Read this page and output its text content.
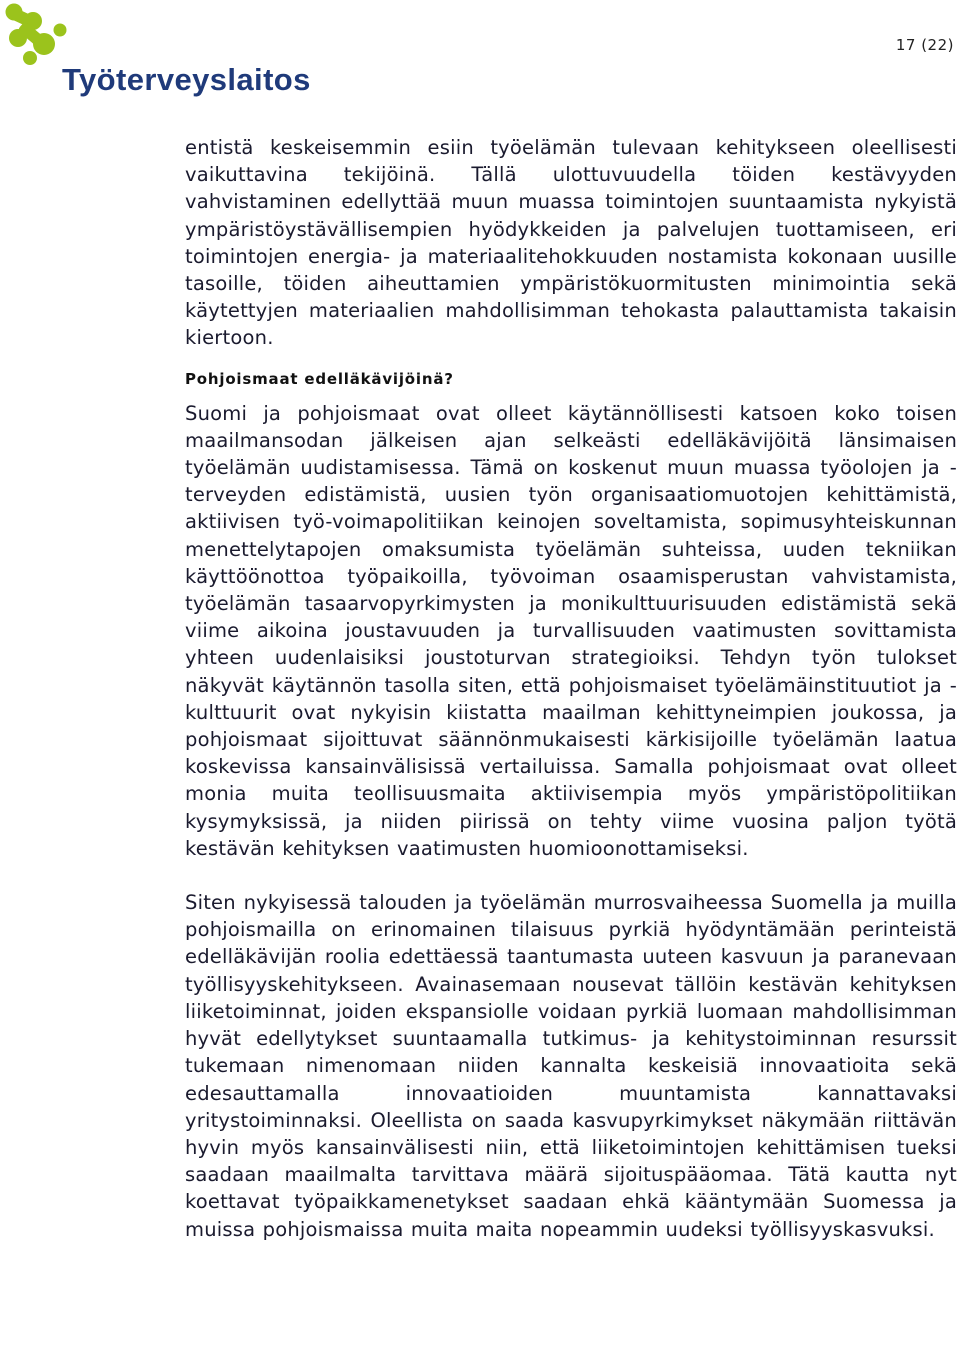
Työterveyslaitos
17 (22)

entistä keskeisemmin esiin työelämän tulevaan kehitykseen oleellisesti vaikuttavina tekijöinä. Tällä ulottuvuudella töiden kestävyyden vahvistaminen edellyttää muun muassa toimintojen suuntaamista nykyistä ympäristöystävällisempien hyödykkeiden ja palvelujen tuottamiseen, eri toimintojen energia- ja materiaalitehokkuuden nostamista kokonaan uusille tasoille, töiden aiheuttamien ympäristökuormitusten minimointia sekä käytettyjen materiaalien mahdollisimman tehokasta palauttamista takaisin kiertoon.

Pohjoismaat edelläkävijöinä?

Suomi ja pohjoismaat ovat olleet käytännöllisesti katsoen koko toisen maailmansodan jälkeisen ajan selkeästi edelläkävijöitä länsimaisen työelämän uudistamisessa. Tämä on koskenut muun muassa työolojen ja -terveyden edistämistä, uusien työn organisaatiomuotojen kehittämistä, aktiivisen työ-voimapolitiikan keinojen soveltamista, sopimusyhteiskunnan menettelytapojen omaksumista työelämän suhteissa, uuden tekniikan käyttöönottoa työpaikoilla, työvoiman osaamisperustan vahvistamista, työelämän tasaarvopyrkimysten ja monikulttuurisuuden edistämistä sekä viime aikoina joustavuuden ja turvallisuuden vaatimusten sovittamista yhteen uudenlaisiksi joustoturvan strategioiksi. Tehdyn työn tulokset näkyvät käytännön tasolla siten, että pohjoismaiset työelämäinstituutiot ja -kulttuurit ovat nykyisin kiistatta maailman kehittyneimpien joukossa, ja pohjoismaat sijoittuvat säännönmukaisesti kärkisijoille työelämän laatua koskevissa kansainvälisissä vertailuissa. Samalla pohjoismaat ovat olleet monia muita teollisuusmaita aktiivisempia myös ympäristöpolitiikan kysymyksissä, ja niiden piirissä on tehty viime vuosina paljon työtä kestävän kehityksen vaatimusten huomioonottamiseksi.

Siten nykyisessä talouden ja työelämän murrosvaiheessa Suomella ja muilla pohjoismailla on erinomainen tilaisuus pyrkiä hyödyntämään perinteistä edelläkävijän roolia edettäessä taantumasta uuteen kasvuun ja paranevaan työllisyyskehitykseen. Avainasemaan nousevat tällöin kestävän kehityksen liiketoiminnat, joiden ekspansiolle voidaan pyrkiä luomaan mahdollisimman hyvät edellytykset suuntaamalla tutkimus- ja kehitystoiminnan resurssit tukemaan nimenomaan niiden kannalta keskeisiä innovaatioita sekä edesauttamalla innovaatioiden muuntamista kannattavaksi yritystoiminnaksi. Oleellista on saada kasvupyrkimykset näkymään riittävän hyvin myös kansainvälisesti niin, että liiketoimintojen kehittämisen tueksi saadaan maailmalta tarvittava määrä sijoituspääomaa. Tätä kautta nyt koettavat työpaikkamenetykset saadaan ehkä kääntymään Suomessa ja muissa pohjoismaissa muita maita nopeammin uudeksi työllisyyskasvuksi.
